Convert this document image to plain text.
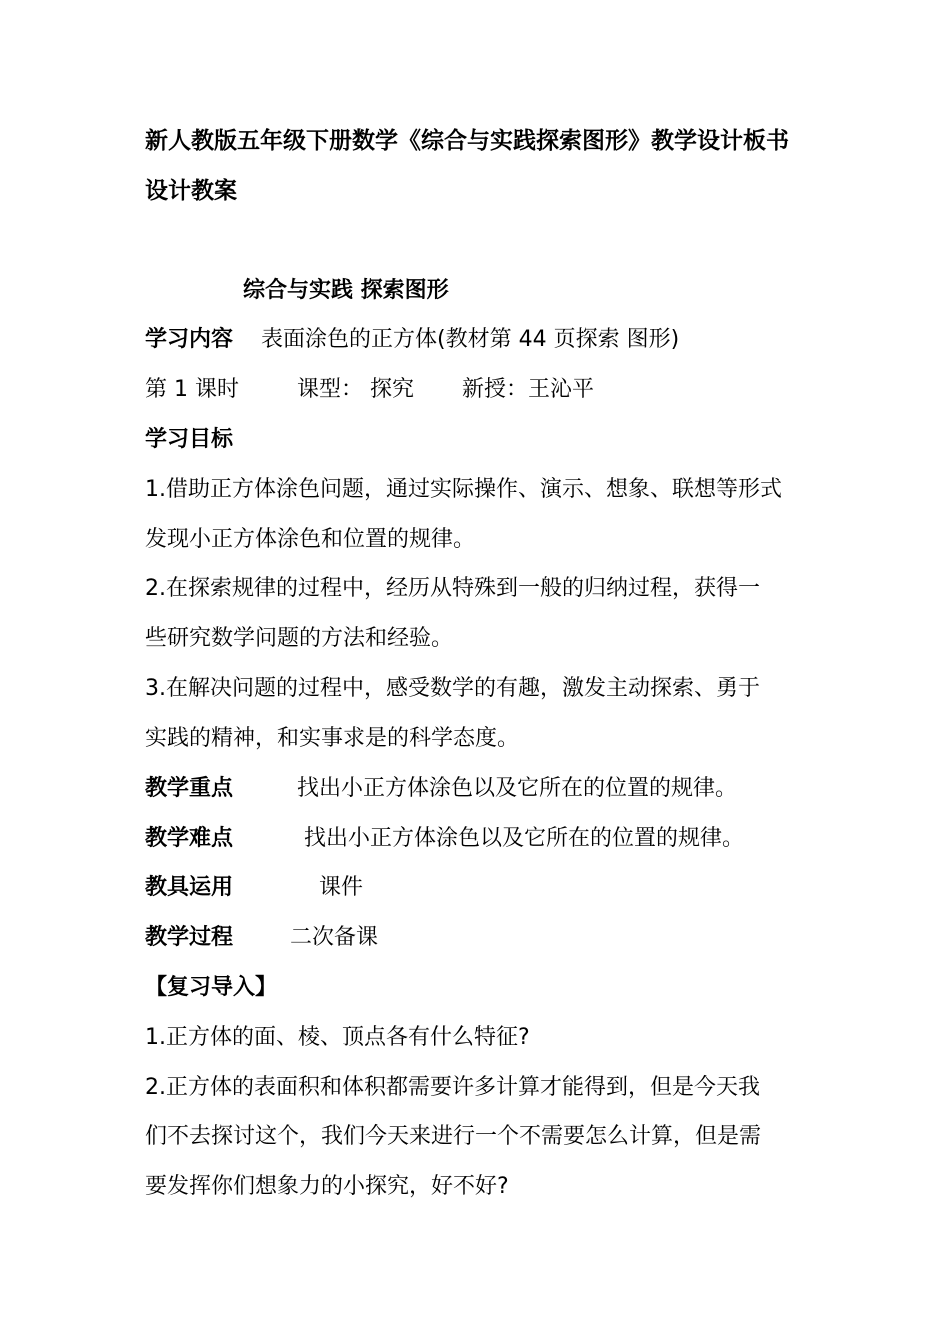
新人教版五年级下册数学《综合与实践探索图形》教学设计板书
设计教案
综合与实践 探索图形
学习内容 表面涂色的正方体(教材第 44 页探索 图形)
第 1 课时	课型： 探究 新授：王沁平
学习目标
1.借助正方体涂色问题，通过实际操作、演示、想象、联想等形式
发现小正方体涂色和位置的规律。
2.在探索规律的过程中，经历从特殊到一般的归纳过程，获得一
些研究数学问题的方法和经验。
3.在解决问题的过程中，感受数学的有趣，激发主动探索、勇于
实践的精神，和实事求是的科学态度。
教学重点	找出小正方体涂色以及它所在的位置的规律。
教学难点	找出小正方体涂色以及它所在的位置的规律。
教具运用	课件
教学过程	二次备课
【复习导入】
1.正方体的面、棱、顶点各有什么特征?
2.正方体的表面积和体积都需要许多计算才能得到，但是今天我
们不去探讨这个，我们今天来进行一个不需要怎么计算，但是需
要发挥你们想象力的小探究，好不好?
